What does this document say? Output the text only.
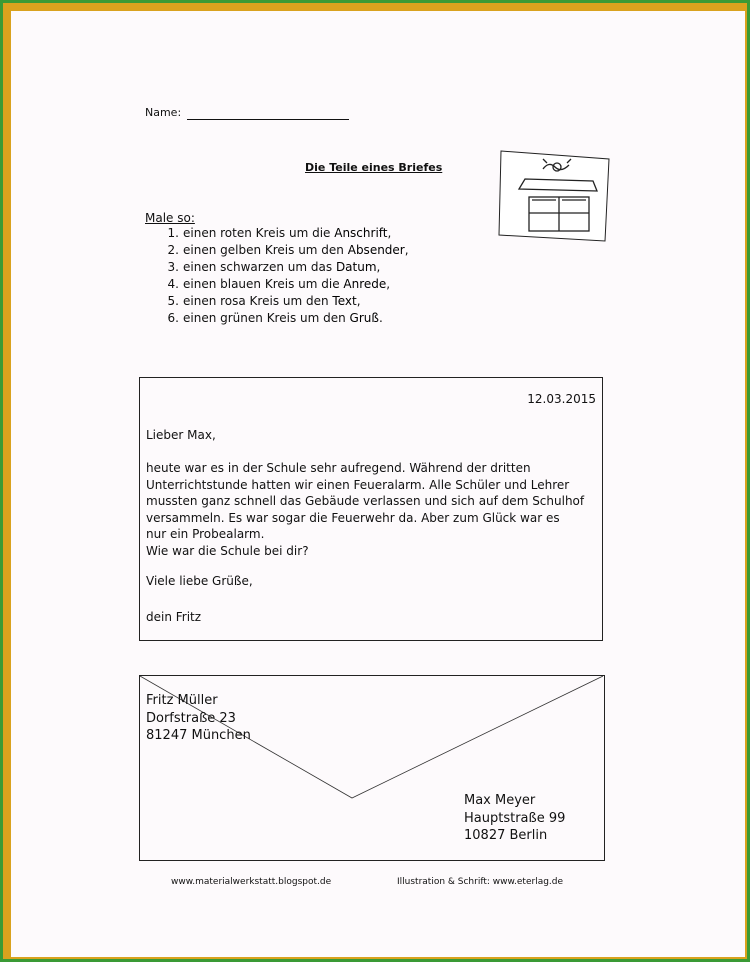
Name:
Die Teile eines Briefes
Male so:
1. einen roten Kreis um die Anschrift,
2. einen gelben Kreis um den Absender,
3. einen schwarzen um das Datum,
4. einen blauen Kreis um die Anrede,
5. einen rosa Kreis um den Text,
6. einen grünen Kreis um den Gruß.
12.03.2015
Lieber Max,

heute war es in der Schule sehr aufregend. Während der dritten

Unterrichtstunde hatten wir einen Feueralarm. Alle Schüler und Lehrer

mussten ganz schnell das Gebäude verlassen und sich auf dem Schulhof

versammeln. Es war sogar die Feuerwehr da. Aber zum Glück war es

nur ein Probealarm.

Wie war die Schule bei dir?

Viele liebe Grüße,
dein Fritz
Fritz Müller
Dorfstraße 23
81247 München
Max Meyer
Hauptstraße 99
10827 Berlin
www.materialwerkstatt.blogspot.de	Illustration & Schrift: www.eterlag.de
